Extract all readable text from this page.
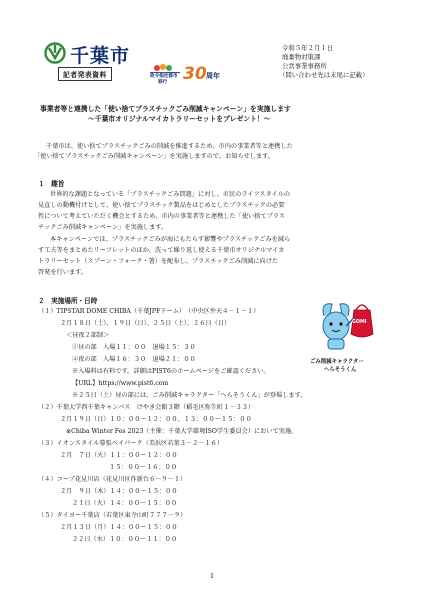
千葉市
記者発表資料	政令指定都市
移行 30 周年
令和５年２月１日
廃棄物対策課
公営事業事務所
（問い合わせ先は末尾に記載）
事業者等と連携した「使い捨てプラスチックごみ削減キャンペーン」を実施します
〜千葉市オリジナルマイカトラリーセットをプレゼント！〜
千葉市は、使い捨てプラスチックごみの削減を推進するため、市内の事業者等と連携した
「使い捨てプラスチックごみ削減キャンペーン」を実施しますので、お知らせします。
１　趣旨
世界的な課題となっている「プラスチックごみ問題」に対し、市民のライフスタイルの
見直しの動機付けとして、使い捨てプラスチック製品をはじめとしたプラスチックの必要
性について考えていただく機会とするため、市内の事業者等と連携した「使い捨てプラス
チックごみ削減キャンペーン」を実施します。
本キャンペーンでは、プラスチックごみが海にもたらす影響やプラスチックごみを減ら
す工夫等をまとめたリーフレットのほか、洗って繰り返し使える千葉市オリジナルマイカ
トラリーセット（スプーン・フォーク・箸）を配布し、プラスチックごみ削減に向けた
啓発を行います。
２　実施場所・日時
（１）TIPSTAR DOME CHIBA（千葉JPFドーム）　（中央区弁天４－１－１）
２月１８日（土）、１９日（日）、２５日（土）、２６日（日）
＜昼夜２部制＞
①昼の部　入場１１：００　退場１５：３０
②夜の部　入場１６：３０　退場２１：００
※入場料は有料です。詳細はPIST6のホームページをご確認ください。
【URL】https://www.pist6.com
※２５日（土）昼の部には、ごみ削減キャラクター「へらそうくん」が登場します。
（２）千葉大学西千葉キャンパス　けやき会館３階（稲毛区弥生町１－３３）
２月１９日（日）１０：００～１２：００、１３：００～１５：００
※Chiba Winter Fes 2023（主催：千葉大学環境ISO学生委員会）において実施。
（３）イオンスタイル幕張ベイパーク（美浜区若葉３－２－１６）
２月　７日（火）１１：００～１２：００
１５：００～１６：００
（４）コープ花見川店（花見川区作新台６－９－１）
２月　９日（木）１４：００～１５：００
２１日（火）１４：００～１５：００
（５）タイヨー千葉店（若葉区東寺山町７７７－９）
２月１３日（月）１４：００～１５：００
２２日（水）１０：００～１１：００
GOMI
ごみ削減キャラクター
へらそうくん
1
